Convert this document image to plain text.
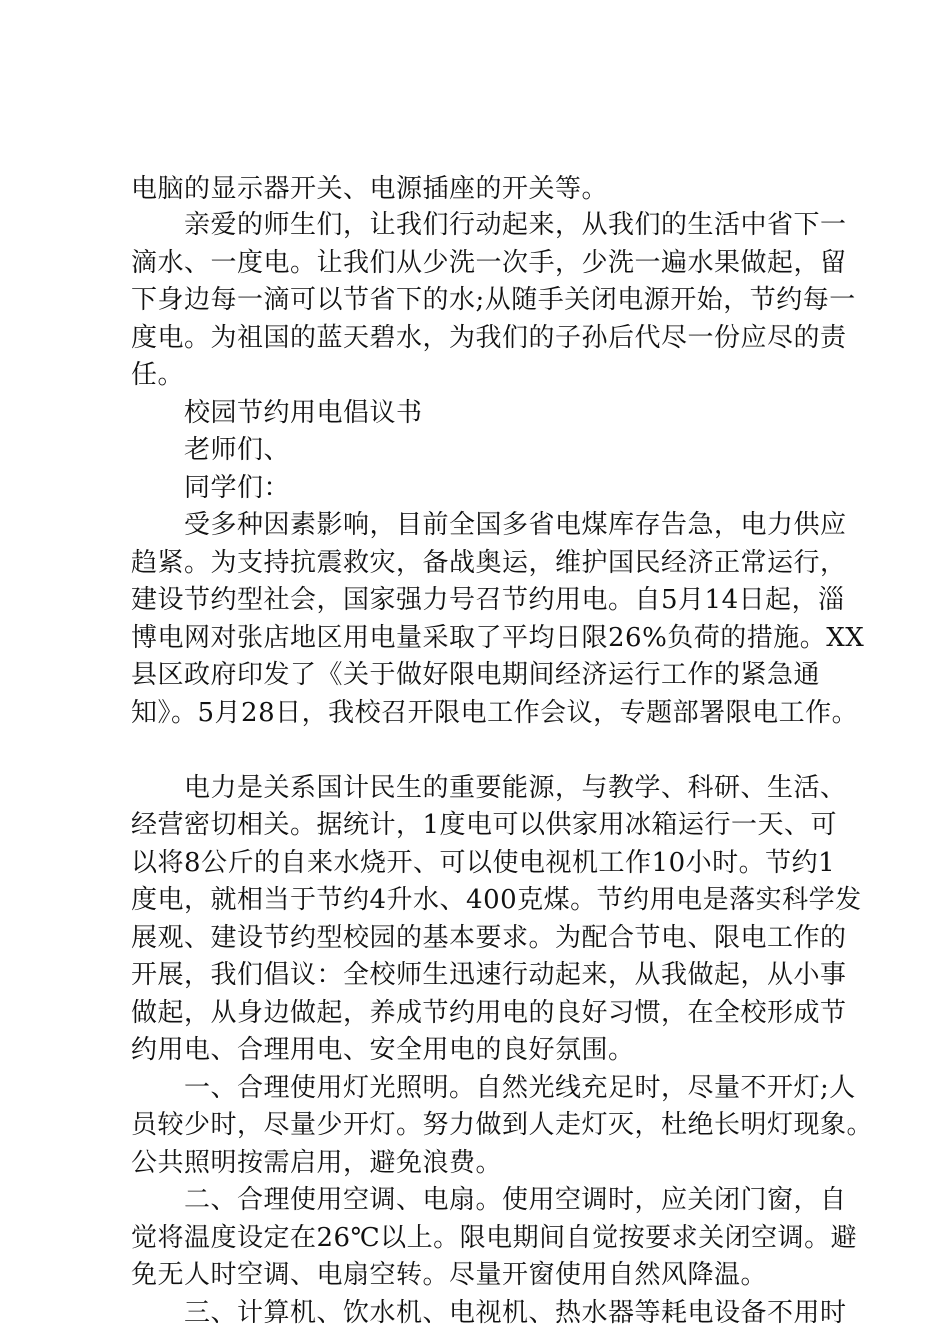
电脑的显示器开关、电源插座的开关等。
　　亲爱的师生们，让我们行动起来，从我们的生活中省下一
滴水、一度电。让我们从少洗一次手，少洗一遍水果做起，留
下身边每一滴可以节省下的水;从随手关闭电源开始，节约每一
度电。为祖国的蓝天碧水，为我们的子孙后代尽一份应尽的责
任。
　　校园节约用电倡议书
　　老师们、
　　同学们：
　　受多种因素影响，目前全国多省电煤库存告急，电力供应
趋紧。为支持抗震救灾，备战奥运，维护国民经济正常运行，
建设节约型社会，国家强力号召节约用电。自5月14日起，淄
博电网对张店地区用电量采取了平均日限26%负荷的措施。XX
县区政府印发了《关于做好限电期间经济运行工作的紧急通
知》。5月28日，我校召开限电工作会议，专题部署限电工作。
　　电力是关系国计民生的重要能源，与教学、科研、生活、
经营密切相关。据统计，1度电可以供家用冰箱运行一天、可
以将8公斤的自来水烧开、可以使电视机工作10小时。节约1
度电，就相当于节约4升水、400克煤。节约用电是落实科学发
展观、建设节约型校园的基本要求。为配合节电、限电工作的
开展，我们倡议：全校师生迅速行动起来，从我做起，从小事
做起，从身边做起，养成节约用电的良好习惯，在全校形成节
约用电、合理用电、安全用电的良好氛围。
　　一、合理使用灯光照明。自然光线充足时，尽量不开灯;人
员较少时，尽量少开灯。努力做到人走灯灭，杜绝长明灯现象。
公共照明按需启用，避免浪费。
　　二、合理使用空调、电扇。使用空调时，应关闭门窗，自
觉将温度设定在26℃以上。限电期间自觉按要求关闭空调。避
免无人时空调、电扇空转。尽量开窗使用自然风降温。
　　三、计算机、饮水机、电视机、热水器等耗电设备不用时
